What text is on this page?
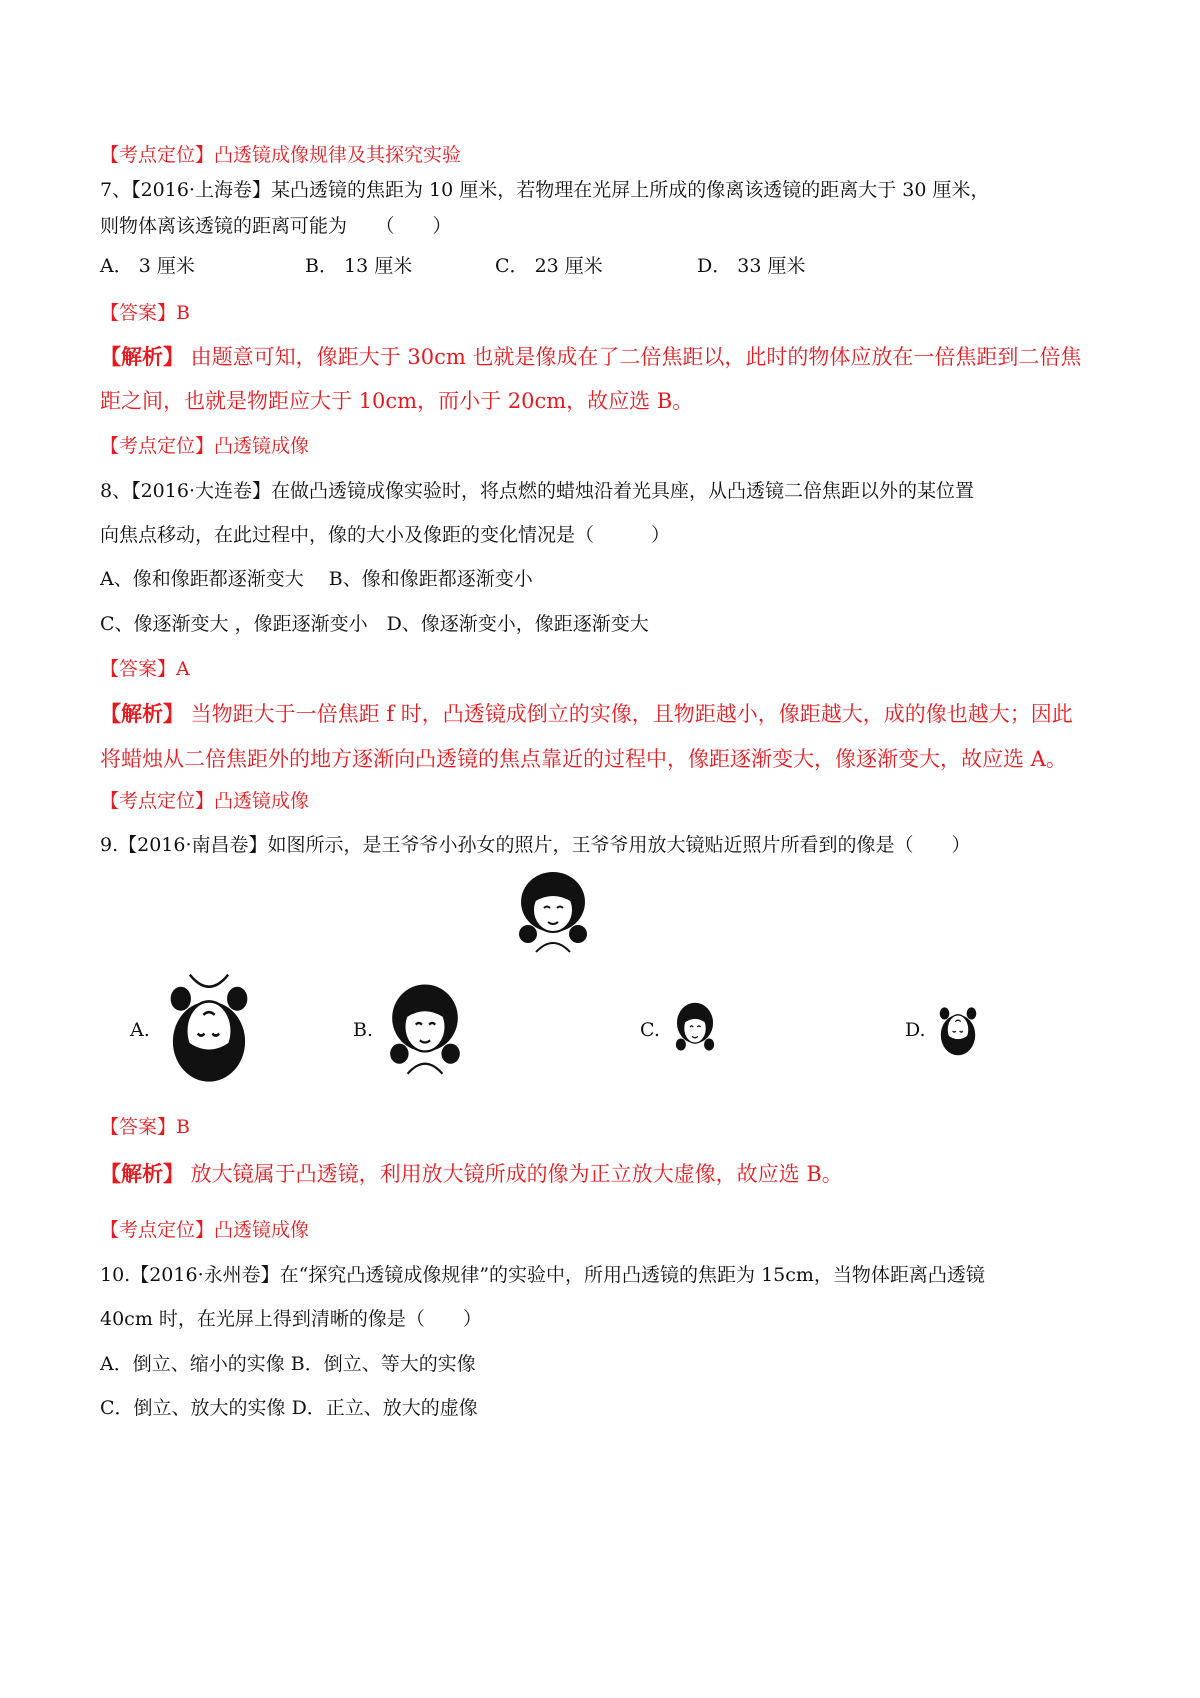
【考点定位】凸透镜成像规律及其探究实验
7、【2016·上海卷】某凸透镜的焦距为 10 厘米，若物理在光屏上所成的像离该透镜的距离大于 30 厘米，
则物体离该透镜的距离可能为　　（　　）
A． 3 厘米	B． 13 厘米	C． 23 厘米	D． 33 厘米
【答案】B
【解析】 由题意可知，像距大于 30cm 也就是像成在了二倍焦距以，此时的物体应放在一倍焦距到二倍焦
距之间，也就是物距应大于 10cm，而小于 20cm，故应选 B。
【考点定位】凸透镜成像
8、【2016·大连卷】在做凸透镜成像实验时，将点燃的蜡烛沿着光具座，从凸透镜二倍焦距以外的某位置
向焦点移动，在此过程中，像的大小及像距的变化情况是（　　　）
A、像和像距都逐渐变大　 B、像和像距都逐渐变小
C、像逐渐变大 ，像距逐渐变小　D、像逐渐变小，像距逐渐变大
【答案】A
【解析】 当物距大于一倍焦距 f 时，凸透镜成倒立的实像，且物距越小，像距越大，成的像也越大；因此
将蜡烛从二倍焦距外的地方逐渐向凸透镜的焦点靠近的过程中，像距逐渐变大，像逐渐变大，故应选 A。
【考点定位】凸透镜成像
9.【2016·南昌卷】如图所示，是王爷爷小孙女的照片，王爷爷用放大镜贴近照片所看到的像是（　　）
A.	B.	C.	D.
【答案】B
【解析】 放大镜属于凸透镜，利用放大镜所成的像为正立放大虚像，故应选 B。
【考点定位】凸透镜成像
10.【2016·永州卷】在“探究凸透镜成像规律”的实验中，所用凸透镜的焦距为 15cm，当物体距离凸透镜
40cm 时，在光屏上得到清晰的像是（　　）
A．倒立、缩小的实像 B．倒立、等大的实像
C．倒立、放大的实像 D．正立、放大的虚像
